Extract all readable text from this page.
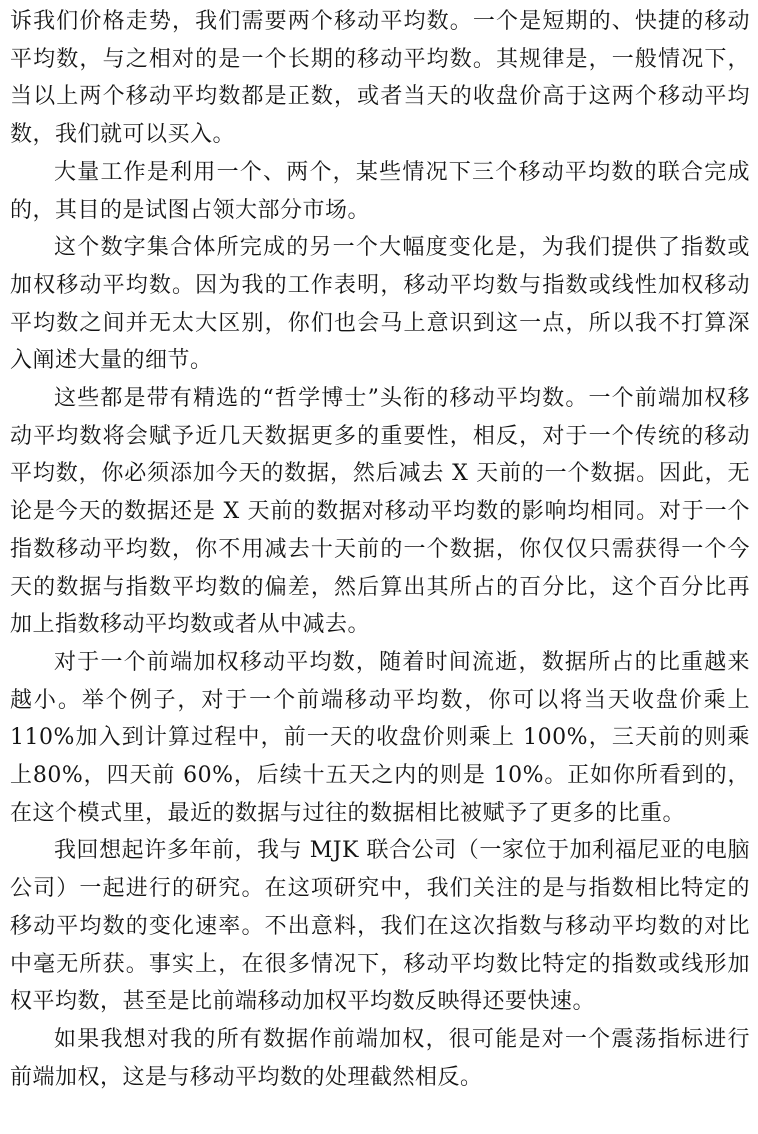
诉我们价格走势，我们需要两个移动平均数。一个是短期的、快捷的移动平均数，与之相对的是一个长期的移动平均数。其规律是，一般情况下，当以上两个移动平均数都是正数，或者当天的收盘价高于这两个移动平均数，我们就可以买入。

大量工作是利用一个、两个，某些情况下三个移动平均数的联合完成的，其目的是试图占领大部分市场。

这个数字集合体所完成的另一个大幅度变化是，为我们提供了指数或加权移动平均数。因为我的工作表明，移动平均数与指数或线性加权移动平均数之间并无太大区别，你们也会马上意识到这一点，所以我不打算深入阐述大量的细节。

这些都是带有精选的“哲学博士”头衔的移动平均数。一个前端加权移动平均数将会赋予近几天数据更多的重要性，相反，对于一个传统的移动平均数，你必须添加今天的数据，然后减去 X 天前的一个数据。因此，无论是今天的数据还是 X 天前的数据对移动平均数的影响均相同。对于一个指数移动平均数，你不用减去十天前的一个数据，你仅仅只需获得一个今天的数据与指数平均数的偏差，然后算出其所占的百分比，这个百分比再加上指数移动平均数或者从中减去。

对于一个前端加权移动平均数，随着时间流逝，数据所占的比重越来越小。举个例子，对于一个前端移动平均数，你可以将当天收盘价乘上110%加入到计算过程中，前一天的收盘价则乘上 100%，三天前的则乘上80%，四天前 60%，后续十五天之内的则是 10%。正如你所看到的，在这个模式里，最近的数据与过往的数据相比被赋予了更多的比重。

我回想起许多年前，我与 MJK 联合公司（一家位于加利福尼亚的电脑公司）一起进行的研究。在这项研究中，我们关注的是与指数相比特定的移动平均数的变化速率。不出意料，我们在这次指数与移动平均数的对比中毫无所获。事实上，在很多情况下，移动平均数比特定的指数或线形加权平均数，甚至是比前端移动加权平均数反映得还要快速。

如果我想对我的所有数据作前端加权，很可能是对一个震荡指标进行前端加权，这是与移动平均数的处理截然相反。
